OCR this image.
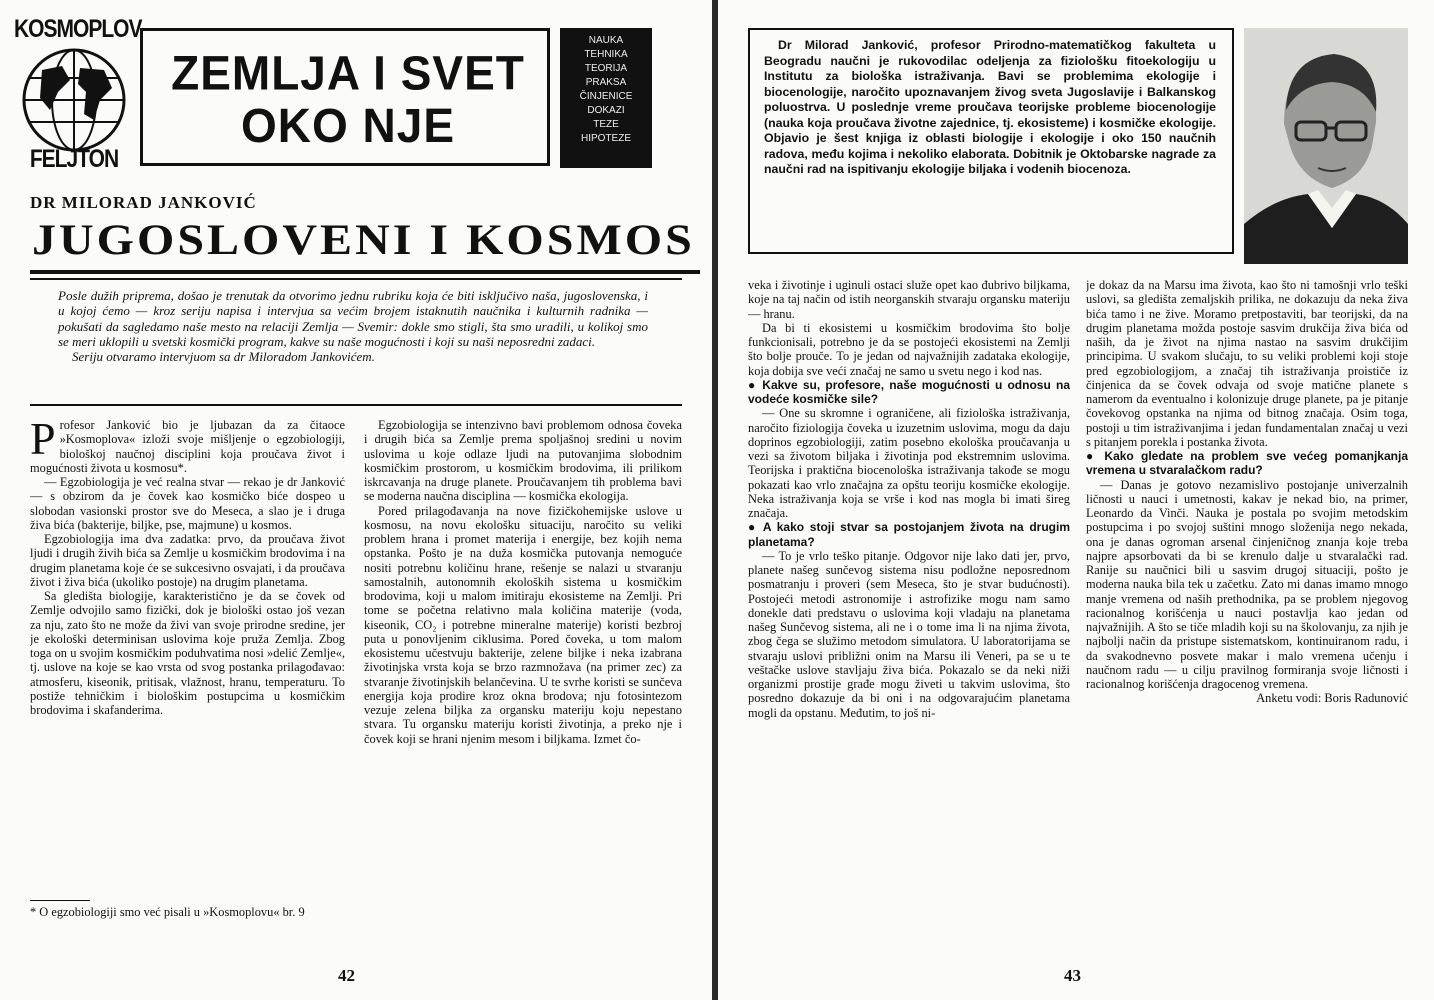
KOSMOPLOV
FELJTON
ZEMLJA I SVET OKO NJE
NAUKA
TEHNIKA
TEORIJA
PRAKSA
ČINJENICE
DOKAZI
TEZE
HIPOTEZE
DR MILORAD JANKOVIĆ
JUGOSLOVENI I KOSMOS
Posle dužih priprema, došao je trenutak da otvorimo jednu rubriku koja će biti isključivo naša, jugoslovenska, i u kojoj ćemo — kroz seriju napisa i intervjua sa većim brojem istaknutih naučnika i kulturnih radnika — pokušati da sagledamo naše mesto na relaciji Zemlja — Svemir: dokle smo stigli, šta smo uradili, u kolikoj smo se meri uklopili u svetski kosmički program, kakve su naše mogućnosti i koji su naši neposredni zadaci.
Seriju otvaramo intervjuom sa dr Miloradom Jankovićem.

Profesor Janković bio je ljubazan da za čitaoce »Kosmoplova« izloži svoje mišljenje o egzobiologiji, biološkoj naučnoj disciplini koja proučava život i mogućnosti života u kosmosu*.

— Egzobiologija je već realna stvar — rekao je dr Janković — s obzirom da je čovek kao kosmičko biće dospeo u slobodan vasionski prostor sve do Meseca, a slao je i druga živa bića (bakterije, biljke, pse, majmune) u kosmos.

Egzobiologija ima dva zadatka: prvo, da proučava život ljudi i drugih živih bića sa Zemlje u kosmičkim brodovima i na drugim planetama koje će se sukcesivno osvajati, i da proučava život i živa bića (ukoliko postoje) na drugim planetama.

Sa gledišta biologije, karakteristično je da se čovek od Zemlje odvojilo samo fizički, dok je biološki ostao još vezan za nju, zato što ne može da živi van svoje prirodne sredine, jer je ekološki determinisan uslovima koje pruža Zemlja. Zbog toga on u svojim kosmičkim poduhvatima nosi »delić Zemlje«, tj. uslove na koje se kao vrsta od svog postanka prilagođavao: atmosferu, kiseonik, pritisak, vlažnost, hranu, temperaturu. To postiže tehničkim i biološkim postupcima u kosmičkim brodovima i skafanderima.

* O egzobiologiji smo već pisali u »Kosmoplovu« br. 9

Egzobiologija se intenzivno bavi problemom odnosa čoveka i drugih bića sa Zemlje prema spoljašnoj sredini u novim uslovima u koje odlaze ljudi na putovanjima slobodnim kosmičkim prostorom, u kosmičkim brodovima, ili prilikom iskrcavanja na druge planete. Proučavanjem tih problema bavi se moderna naučna disciplina — kosmička ekologija.

Pored prilagođavanja na nove fizičkohemijske uslove u kosmosu, na novu ekološku situaciju, naročito su veliki problem hrana i promet materija i energije, bez kojih nema opstanka. Pošto je na duža kosmička putovanja nemoguće nositi potrebnu količinu hrane, rešenje se nalazi u stvaranju samostalnih, autonomnih ekoloških sistema u kosmičkim brodovima, koji u malom imitiraju ekosisteme na Zemlji. Pri tome se početna relativno mala količina materije (voda, kiseonik, CO₂ i potrebne mineralne materije) koristi bezbroj puta u ponovljenim ciklusima. Pored čoveka, u tom malom ekosistemu učestvuju bakterije, zelene biljke i neka izabrana životinjska vrsta koja se brzo razmnožava (na primer zec) za stvaranje životinjskih belančevina. U te svrhe koristi se sunčeva energija koja prodire kroz okna brodova; nju fotosintezom vezuje zelena biljka za organsku materiju koju nepestano stvara. Tu organsku materiju koristi životinja, a preko nje i čovek koji se hrani njenim mesom i biljkama. Izmet čo-

42
Dr Milorad Janković, profesor Prirodno-matematičkog fakulteta u Beogradu naučni je rukovodilac odeljenja za fiziološku fitoekologiju u Institutu za biološka istraživanja. Bavi se problemima ekologije i biocenologije, naročito upoznavanjem živog sveta Jugoslavije i Balkanskog poluostrva. U poslednje vreme proučava teorijske probleme biocenologije (nauka koja proučava životne zajednice, tj. ekosisteme) i kosmičke ekologije. Objavio je šest knjiga iz oblasti biologije i ekologije i oko 150 naučnih radova, među kojima i nekoliko elaborata. Dobitnik je Oktobarske nagrade za naučni rad na ispitivanju ekologije biljaka i vodenih biocenoza.

veka i životinje i uginuli ostaci služe opet kao đubrivo biljkama, koje na taj način od istih neorganskih stvaraju organsku materiju — hranu.

Da bi ti ekosistemi u kosmičkim brodovima što bolje funkcionisali, potrebno je da se postojeći ekosistemi na Zemlji što bolje prouče. To je jedan od najvažnijih zadataka ekologije, koja dobija sve veći značaj ne samo u svetu nego i kod nas.

● Kakve su, profesore, naše mogućnosti u odnosu na vodeće kosmičke sile?

— One su skromne i ograničene, ali fiziološka istraživanja, naročito fiziologija čoveka u izuzetnim uslovima, mogu da daju doprinos egzobiologiji, zatim posebno ekološka proučavanja u vezi sa životom biljaka i životinja pod ekstremnim uslovima. Teorijska i praktična biocenološka istraživanja takođe se mogu pokazati kao vrlo značajna za opštu teoriju kosmičke ekologije. Neka istraživanja koja se vrše i kod nas mogla bi imati šireg značaja.

● A kako stoji stvar sa postojanjem života na drugim planetama?

— To je vrlo teško pitanje. Odgovor nije lako dati jer, prvo, planete našeg sunčevog sistema nisu podložne neposrednom posmatranju i proveri (sem Meseca, što je stvar budućnosti). Postojeći metodi astronomije i astrofizike mogu nam samo donekle dati predstavu o uslovima koji vladaju na planetama našeg Sunčevog sistema, ali ne i o tome ima li na njima života, zbog čega se služimo metodom simulatora. U laboratorijama se stvaraju uslovi približni onim na Marsu ili Veneri, pa se u te veštačke uslove stavljaju živa bića. Pokazalo se da neki niži organizmi prostije građe mogu živeti u takvim uslovima, što posredno dokazuje da bi oni i na odgovarajućim planetama mogli da opstanu. Međutim, to još ni-

je dokaz da na Marsu ima života, kao što ni tamošnji vrlo teški uslovi, sa gledišta zemaljskih prilika, ne dokazuju da neka živa bića tamo i ne žive. Moramo pretpostaviti, bar teorijski, da na drugim planetama možda postoje sasvim drukčija živa bića od naših, da je život na njima nastao na sasvim drukčijim principima. U svakom slučaju, to su veliki problemi koji stoje pred egzobiologijom, a značaj tih istraživanja proističe iz činjenica da se čovek odvaja od svoje matične planete s namerom da eventualno i kolonizuje druge planete, pa je pitanje čovekovog opstanka na njima od bitnog značaja. Osim toga, postoji u tim istraživanjima i jedan fundamentalan značaj u vezi s pitanjem porekla i postanka života.

● Kako gledate na problem sve većeg pomanjkanja vremena u stvaralačkom radu?

— Danas je gotovo nezamislivo postojanje univerzalnih ličnosti u nauci i umetnosti, kakav je nekad bio, na primer, Leonardo da Vinči. Nauka je postala po svojim metodskim postupcima i po svojoj suštini mnogo složenija nego nekada, ona je danas ogroman arsenal činjeničnog znanja koje treba najpre apsorbovati da bi se krenulo dalje u stvaralački rad. Ranije su naučnici bili u sasvim drugoj situaciji, pošto je moderna nauka bila tek u začetku. Zato mi danas imamo mnogo manje vremena od naših prethodnika, pa se problem njegovog racionalnog korišćenja u nauci postavlja kao jedan od najvažnijih. A što se tiče mladih koji su na školovanju, za njih je najbolji način da pristupe sistematskom, kontinuiranom radu, i da svakodnevno posvete makar i malo vremena učenju i naučnom radu — u cilju pravilnog formiranja svoje ličnosti i racionalnog korišćenja dragocenog vremena.

Anketu vodi: Boris Radunović

43
